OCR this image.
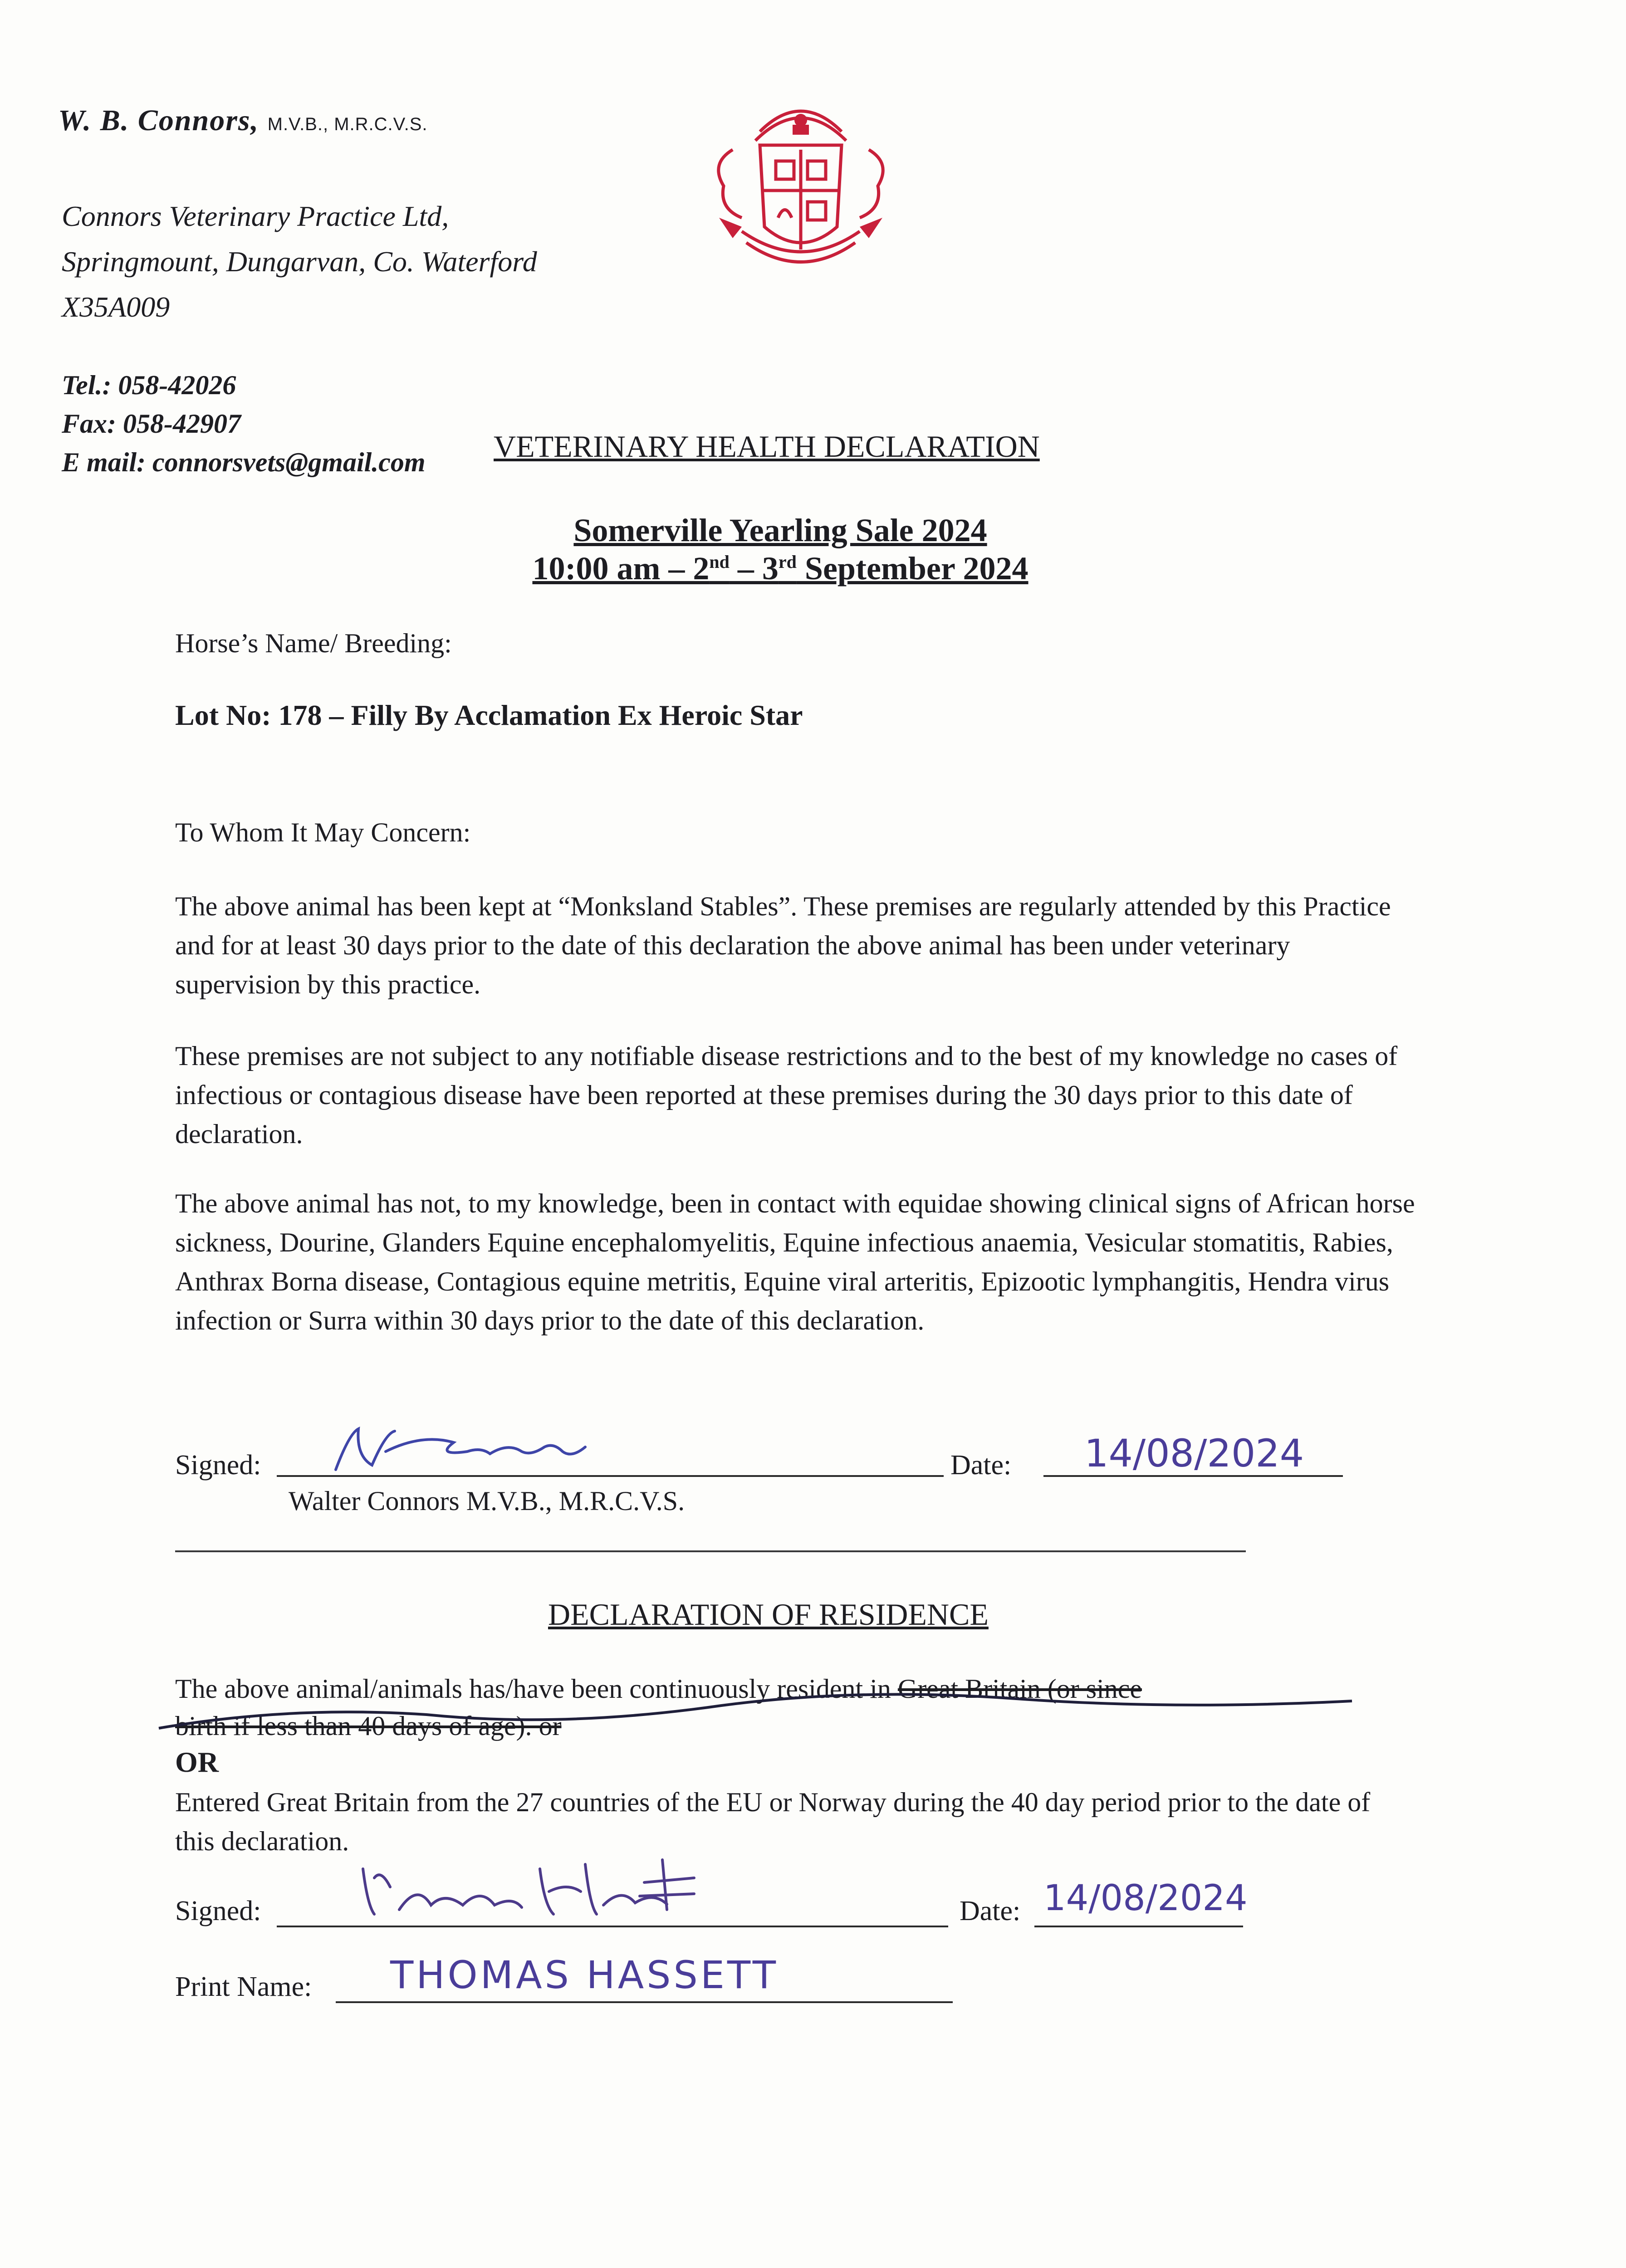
W. B. Connors, M.V.B., M.R.C.V.S.
Connors Veterinary Practice Ltd,
Springmount, Dungarvan, Co. Waterford
X35A009
Tel.: 058-42026
Fax: 058-42907
E mail: connorsvets@gmail.com VETERINARY HEALTH DECLARATION
Somerville Yearling Sale 2024
10:00 am – 2nd – 3rd September 2024
Horse’s Name/ Breeding:
Lot No: 178 – Filly By Acclamation Ex Heroic Star
To Whom It May Concern:
The above animal has been kept at “Monksland Stables”. These premises are regularly attended by this Practice and for at least 30 days prior to the date of this declaration the above animal has been under veterinary supervision by this practice.
These premises are not subject to any notifiable disease restrictions and to the best of my knowledge no cases of infectious or contagious disease have been reported at these premises during the 30 days prior to this date of declaration.
The above animal has not, to my knowledge, been in contact with equidae showing clinical signs of African horse sickness, Dourine, Glanders Equine encephalomyelitis, Equine infectious anaemia, Vesicular stomatitis, Rabies, Anthrax Borna disease, Contagious equine metritis, Equine viral arteritis, Epizootic lymphangitis, Hendra virus infection or Surra within 30 days prior to the date of this declaration.
Signed:	Date: 14/08/2024
Walter Connors M.V.B., M.R.C.V.S.
DECLARATION OF RESIDENCE
The above animal/animals has/have been continuously resident in Great Britain (or since
birth if less than 40 days of age). or
OR
Entered Great Britain from the 27 countries of the EU or Norway during the 40 day period prior to the date of this declaration.
Signed:	Date: 14/08/2024
Print Name: THOMAS HASSETT
